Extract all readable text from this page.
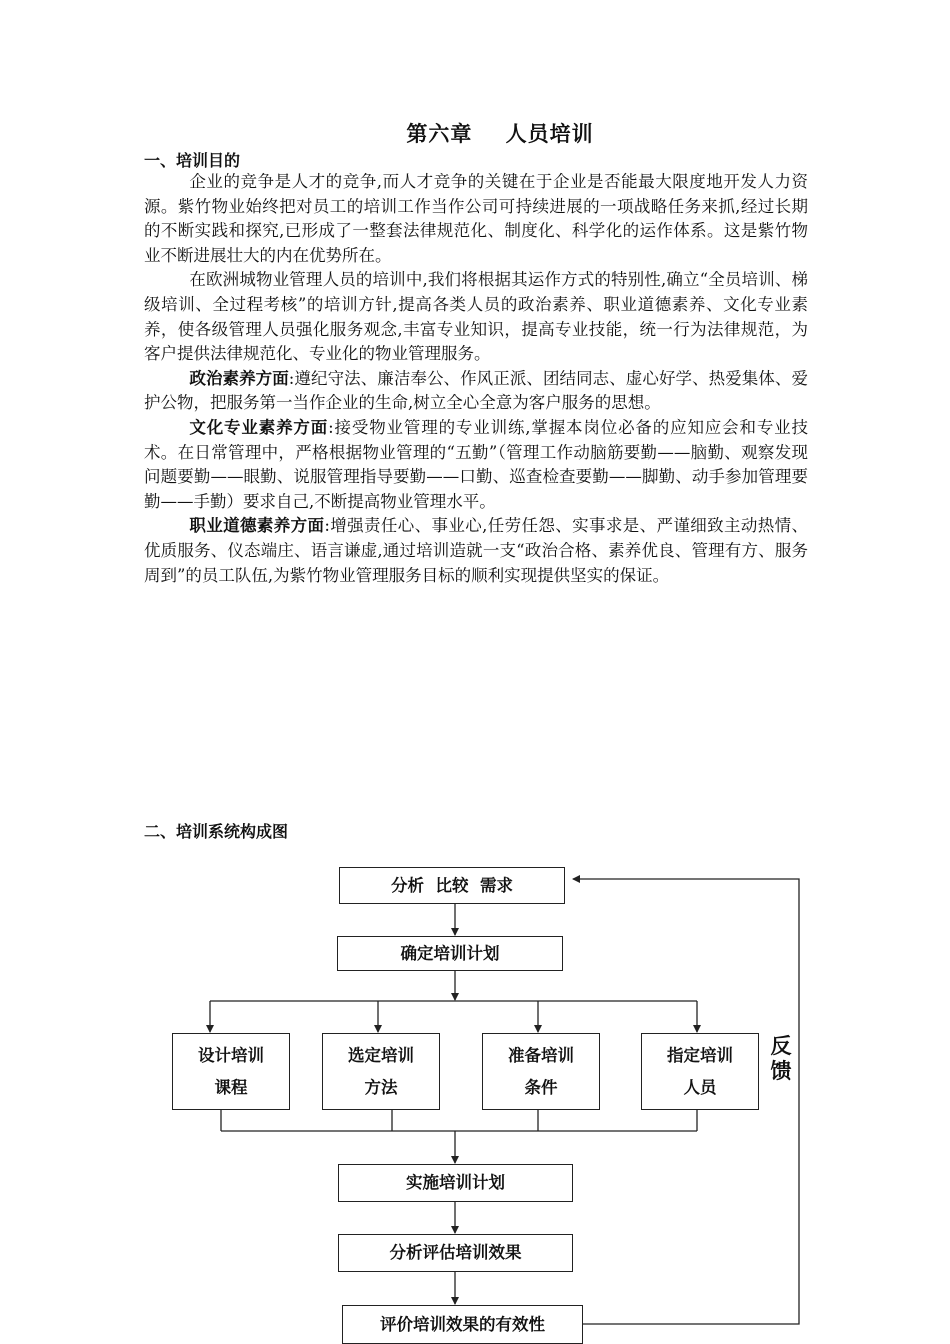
第六章    人员培训
一、培训目的

企业的竞争是人才的竞争,而人才竞争的关键在于企业是否能最大限度地开发人力资源。紫竹物业始终把对员工的培训工作当作公司可持续进展的一项战略任务来抓,经过长期的不断实践和探究,已形成了一整套法律规范化、制度化、科学化的运作体系。这是紫竹物业不断进展壮大的内在优势所在。

在欧洲城物业管理人员的培训中,我们将根据其运作方式的特别性,确立“全员培训、梯级培训、全过程考核”的培训方针,提高各类人员的政治素养、职业道德素养、文化专业素养，使各级管理人员强化服务观念,丰富专业知识，提高专业技能，统一行为法律规范，为客户提供法律规范化、专业化的物业管理服务。

政治素养方面:遵纪守法、廉洁奉公、作风正派、团结同志、虚心好学、热爱集体、爱护公物，把服务第一当作企业的生命,树立全心全意为客户服务的思想。

文化专业素养方面:接受物业管理的专业训练,掌握本岗位必备的应知应会和专业技术。在日常管理中，严格根据物业管理的“五勤”（管理工作动脑筋要勤——脑勤、观察发现问题要勤——眼勤、说服管理指导要勤——口勤、巡查检查要勤——脚勤、动手参加管理要勤——手勤）要求自己,不断提高物业管理水平。

职业道德素养方面:增强责任心、事业心,任劳任怨、实事求是、严谨细致主动热情、优质服务、仪态端庄、语言谦虚,通过培训造就一支“政治合格、素养优良、管理有方、服务周到”的员工队伍,为紫竹物业管理服务目标的顺利实现提供坚实的保证。

二、培训系统构成图
分析  比较  需求
确定培训计划
设计培训
课程
选定培训
方法
准备培训
条件
指定培训
人员
反
馈
实施培训计划
分析评估培训效果
评价培训效果的有效性
